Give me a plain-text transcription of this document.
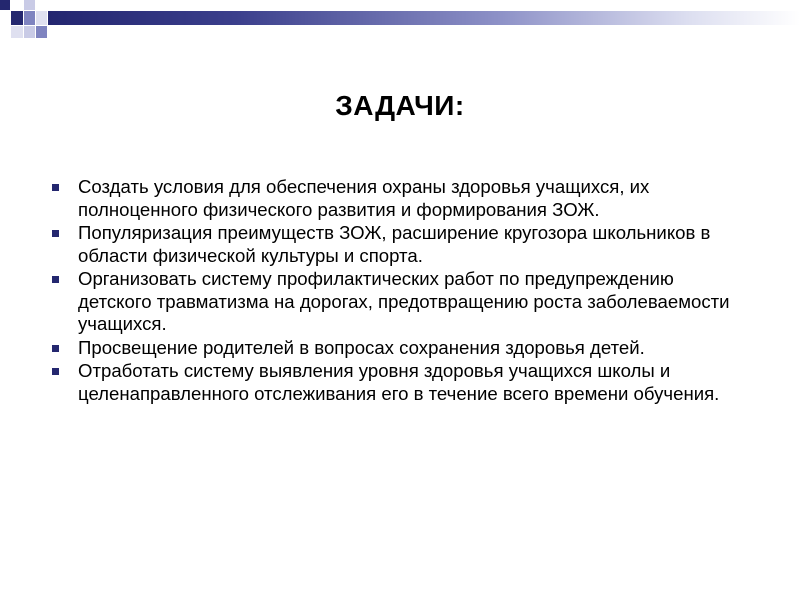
ЗАДАЧИ:
Создать условия для обеспечения охраны здоровья учащихся, их полноценного физического развития и формирования ЗОЖ.
Популяризация преимуществ ЗОЖ, расширение кругозора школьников в области физической культуры и спорта.
Организовать систему профилактических работ по предупреждению детского травматизма на дорогах, предотвращению роста заболеваемости учащихся.
Просвещение родителей в вопросах сохранения здоровья детей.
Отработать систему выявления уровня здоровья учащихся школы и целенаправленного отслеживания его в течение всего времени обучения.
